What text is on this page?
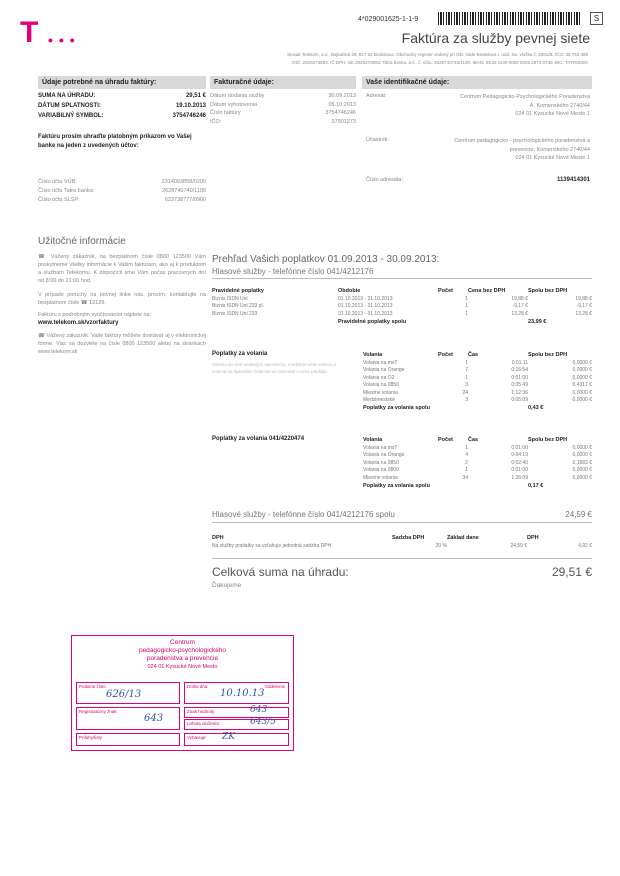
T •••
4*029001625-1-1-9	S
Faktúra za služby pevnej siete
Slovak Telekom, a.s., Bajkalská 28, 817 62 Bratislava. Obchodný register vedený pri Okr. súde Bratislava I, odd. Sa, vložka č. 2081/B, IČO: 35 763 469
DIČ: 2020273893, IČ DPH: SK 2020273893, Tatra banka, a.s., č. účtu: 2628740740/1100, IBAN: SK26 1100 0000 0026 2874 0740, BIC: TATRSKBX
Údaje potrebné na úhradu faktúry:
SUMA NA ÚHRADU:	29,51 €
DÁTUM SPLATNOSTI:	19.10.2013
VARIABILNÝ SYMBOL:	3754746246
Faktúru prosím uhraďte platobným príkazom vo Vašej banke na jeden z uvedených účtov:
Číslo účtu VÚB:	2314093858/0200
Číslo účtu Tatra banka:	2628740740/1100
Číslo účtu SLSP:	633738777/0900
Fakturačné údaje:
Dátum dodania služby	30.09.2013
Dátum vyhotovenia	05.10.2013
Číslo faktúry	3754746246
IČO:	37901273
Vaše identifikačné údaje:
Adresát:	Centrum Pedagogicko-Psychologického Poradenstva
A. Komenského 2740/44
024 01 Kysucké Nové Mesto 1
Účastník:	Centrum pedagogicko - psychologického poradenstva a
prevencie, Komenského 2740/44
024 01 Kysucké Nové Mesto 1
Číslo adresáta:	1139414301
Užitočné informácie
☎ Vážený zákazník, na bezplatnom čísle 0800 123500 Vám poskytneme všetky informácie k Vašim faktúram, ako aj k produktom a službám Telekomu. K dispozícii sme Vám počas pracovných dní od 8:00 do 21:00 hod.
V prípade poruchy na pevnej linke nás, prosím, kontaktujte na bezplatnom čísle ☎ 12129.
Faktúru s podrobným vyúčtovaním nájdete na:
www.telekom.sk/vzorfaktury
☎ Vážený zákazník. Vaše faktúry môžete dostávať aj v elektronickej forme. Viac sa dozviete na čísle 0800 123500 alebo na stránkach www.telekom.sk
Prehľad Vašich poplatkov 01.09.2013 - 30.09.2013:
Hlasové služby - telefónne číslo 041/4212176
Pravidelné poplatky	Obdobie	Počet	Cena bez DPH	Spolu bez DPH
Biznis ISDN Uni	01.10.2013 - 31.10.2013	1	19,88 €	19,88 €
Biznis ISDN Uni 233 pl.	01.10.2013 - 31.10.2013	1	-9,17 €	-9,17 €
Biznis ISDN Uni 233	01.10.2013 - 31.10.2013	1	13,28 €	13,28 €
	Pravidelné poplatky spolu			23,99 €
Poplatky za volania
Volania do sietí ostatných operátorov, medzinárodné volania a volania na špeciálne čísla nie sú zahrnuté v cene paušálu
Volania	Počet	Čas	Spolu bez DPH
Volania na msT	1	0:01:11	0,0000 €
Volania na Orange	7	0:16:54	0,0000 €
Volania na O2	1	0:01:00	0,0000 €
Volania na 0850	3	0:05:49	0,4317 €
Miestne volania	24	1:12:36	0,0000 €
Medzimestské	3	0:05:09	0,0000 €
Poplatky za volania spolu			0,43 €
Poplatky za volania 041/4220474	Volania	Počet	Čas	Spolu bez DPH
Volania na msT	1	0:01:00	0,0000 €
Volania na Orange	4	0:04:19	0,0000 €
Volania na 0850	2	0:02:40	0,1683 €
Volania na 0800	1	0:01:00	0,0000 €
Miestne volania	34	1:26:09	0,0000 €
Poplatky za volania spolu			0,17 €
Hlasové služby - telefónne číslo 041/4212176 spolu	24,59 €
DPH	Sadzba DPH	Základ dane	DPH
Na služby poplatky sa vzťahuje jednotná sadzba DPH	20 %	24,59 €	4,92 €
Celková suma na úhradu:	29,51 €
Ďakujeme
Centrum
pedagogicko-psychologického
poradenstva a prevencie
024 01 Kysucké Nové Mesto
Podacie číslo
626/13
Došlo dňa:	Oddelenie
10.10.13
Registratúrny znak
643
Znak hodnoty:	643
Lehota uloženia:	643/5
Prílohy/listy	Vybavuje:	ZK
